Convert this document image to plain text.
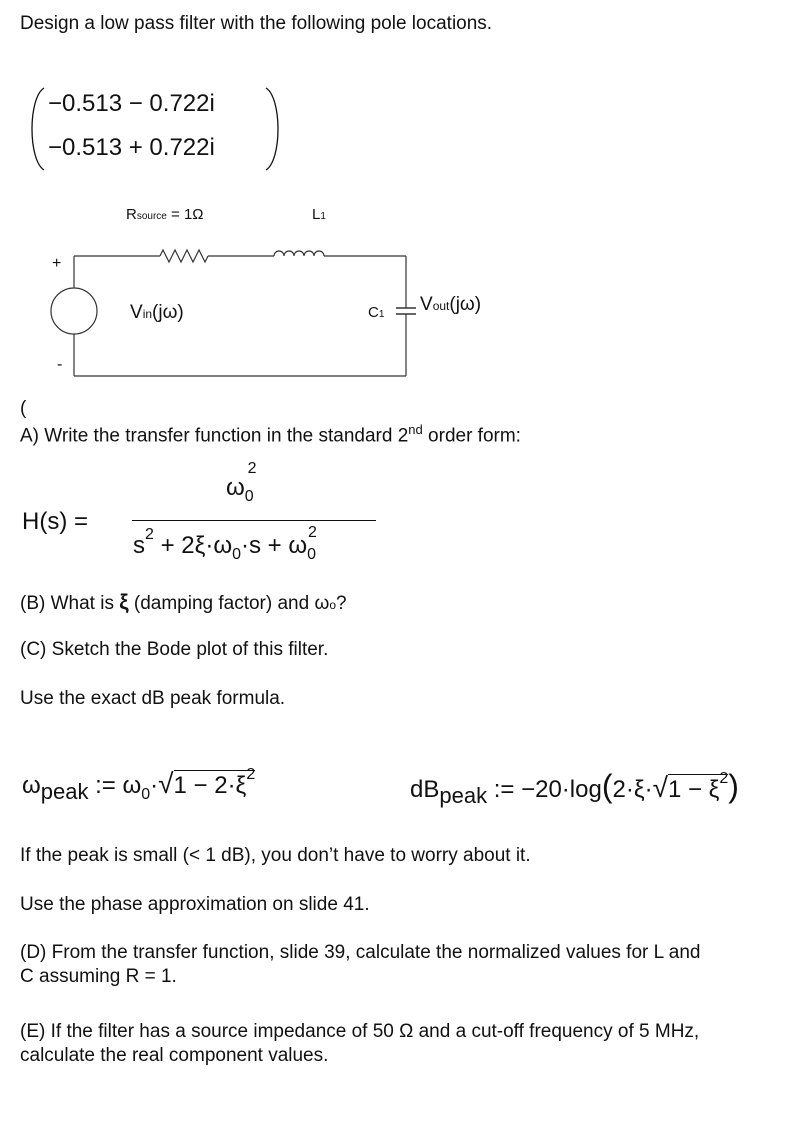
Design a low pass filter with the following pole locations.
−0.513 − 0.722i
−0.513 + 0.722i
Rsource = 1Ω	L1
+
-
Vin(jω)	C1 Vout(jω)
(
A) Write the transfer function in the standard 2nd order form:
H(s) =
$\omega_0^2$
$s^2 + 2\xi\cdot\omega_0\cdot s + \omega_0^2$
(B) What is ξ (damping factor) and ωo?
(C) Sketch the Bode plot of this filter.
Use the exact dB peak formula.
ωpeak := $\omega_0\cdot√1 - 2\cdot\xi^2$
dBpeak := $-20\cdot\log(2\cdot\xi\cdot√1 - \xi^2)$
If the peak is small (< 1 dB), you don’t have to worry about it.
Use the phase approximation on slide 41.
(D) From the transfer function, slide 39, calculate the normalized values for L and
C assuming R = 1.
(E) If the filter has a source impedance of 50 Ω and a cut-off frequency of 5 MHz,
calculate the real component values.
